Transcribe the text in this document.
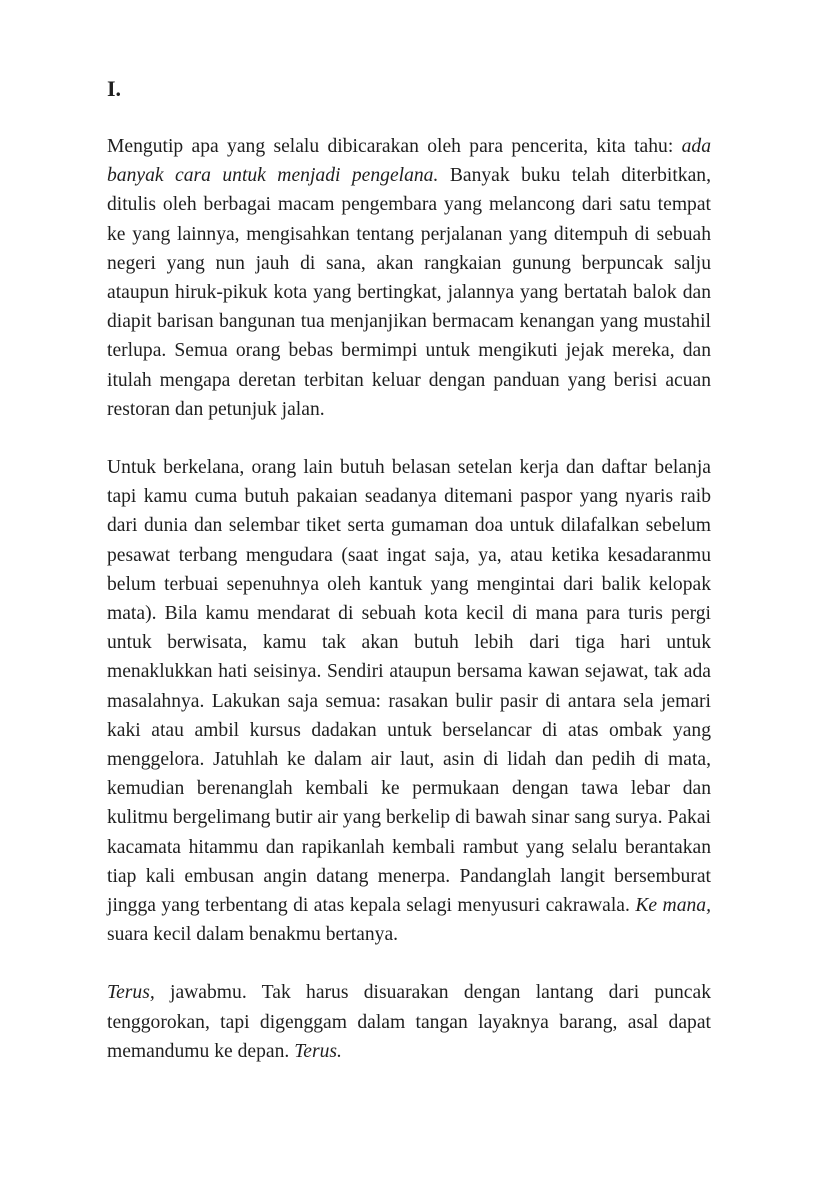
I.

Mengutip apa yang selalu dibicarakan oleh para pencerita, kita tahu: ada banyak cara untuk menjadi pengelana. Banyak buku telah diterbitkan, ditulis oleh berbagai macam pengembara yang melancong dari satu tempat ke yang lainnya, mengisahkan tentang perjalanan yang ditempuh di sebuah negeri yang nun jauh di sana, akan rangkaian gunung berpuncak salju ataupun hiruk-pikuk kota yang bertingkat, jalannya yang bertatah balok dan diapit barisan bangunan tua menjanjikan bermacam kenangan yang mustahil terlupa. Semua orang bebas bermimpi untuk mengikuti jejak mereka, dan itulah mengapa deretan terbitan keluar dengan panduan yang berisi acuan restoran dan petunjuk jalan.

Untuk berkelana, orang lain butuh belasan setelan kerja dan daftar belanja tapi kamu cuma butuh pakaian seadanya ditemani paspor yang nyaris raib dari dunia dan selembar tiket serta gumaman doa untuk dilafalkan sebelum pesawat terbang mengudara (saat ingat saja, ya, atau ketika kesadaranmu belum terbuai sepenuhnya oleh kantuk yang mengintai dari balik kelopak mata). Bila kamu mendarat di sebuah kota kecil di mana para turis pergi untuk berwisata, kamu tak akan butuh lebih dari tiga hari untuk menaklukkan hati seisinya. Sendiri ataupun bersama kawan sejawat, tak ada masalahnya. Lakukan saja semua: rasakan bulir pasir di antara sela jemari kaki atau ambil kursus dadakan untuk berselancar di atas ombak yang menggelora. Jatuhlah ke dalam air laut, asin di lidah dan pedih di mata, kemudian berenanglah kembali ke permukaan dengan tawa lebar dan kulitmu bergelimang butir air yang berkelip di bawah sinar sang surya. Pakai kacamata hitammu dan rapikanlah kembali rambut yang selalu berantakan tiap kali embusan angin datang menerpa. Pandanglah langit bersemburat jingga yang terbentang di atas kepala selagi menyusuri cakrawala. Ke mana, suara kecil dalam benakmu bertanya.

Terus, jawabmu. Tak harus disuarakan dengan lantang dari puncak tenggorokan, tapi digenggam dalam tangan layaknya barang, asal dapat memandumu ke depan. Terus.
